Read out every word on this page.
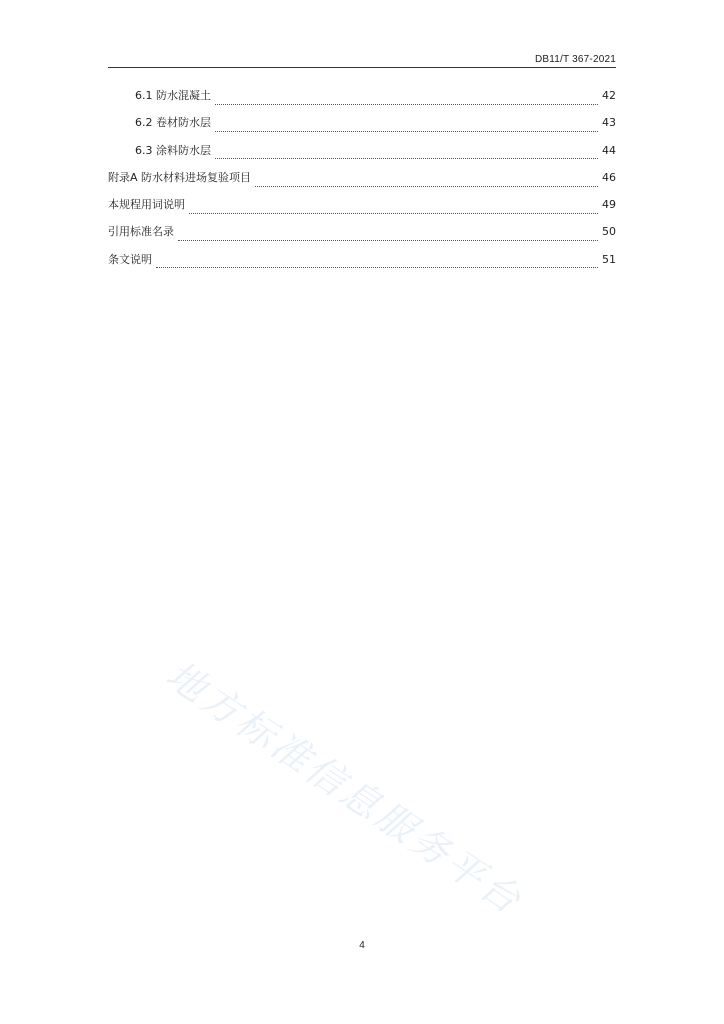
DB11/T 367-2021
6.1 防水混凝土	42
6.2 卷材防水层	43
6.3 涂料防水层	44
附录A 防水材料进场复验项目	46
本规程用词说明	49
引用标准名录	50
条文说明	51
地方标准信息服务平台
4
